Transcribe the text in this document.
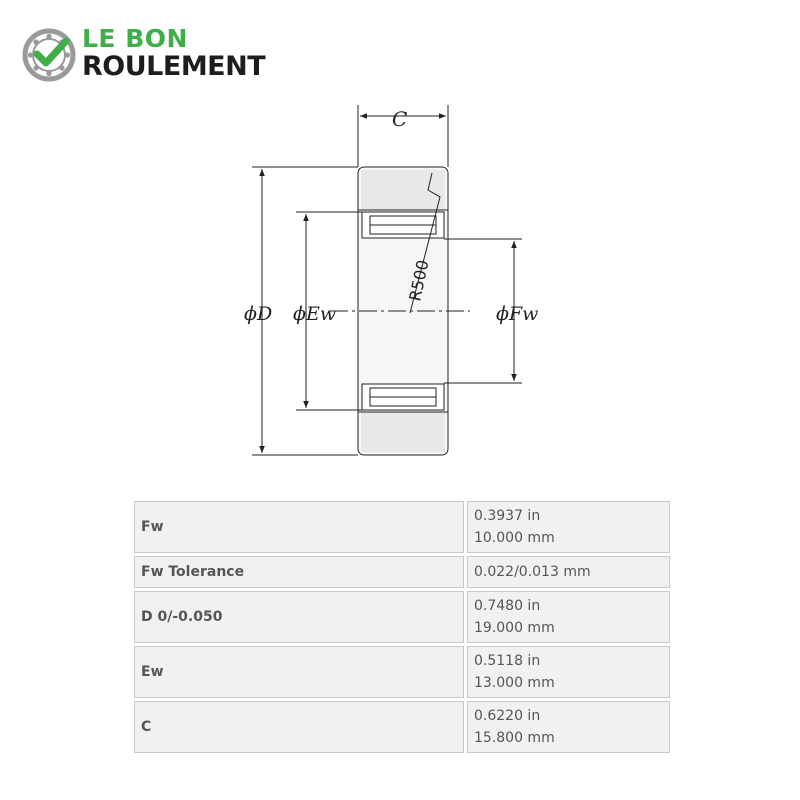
LE BON
ROULEMENT
C
ϕD ϕEw	ϕFw
R500
Fw	0.3937 in
10.000 mm

Fw Tolerance	0.022/0.013 mm

D 0/-0.050	0.7480 in
19.000 mm

Ew	0.5118 in
13.000 mm

C	0.6220 in
15.800 mm
